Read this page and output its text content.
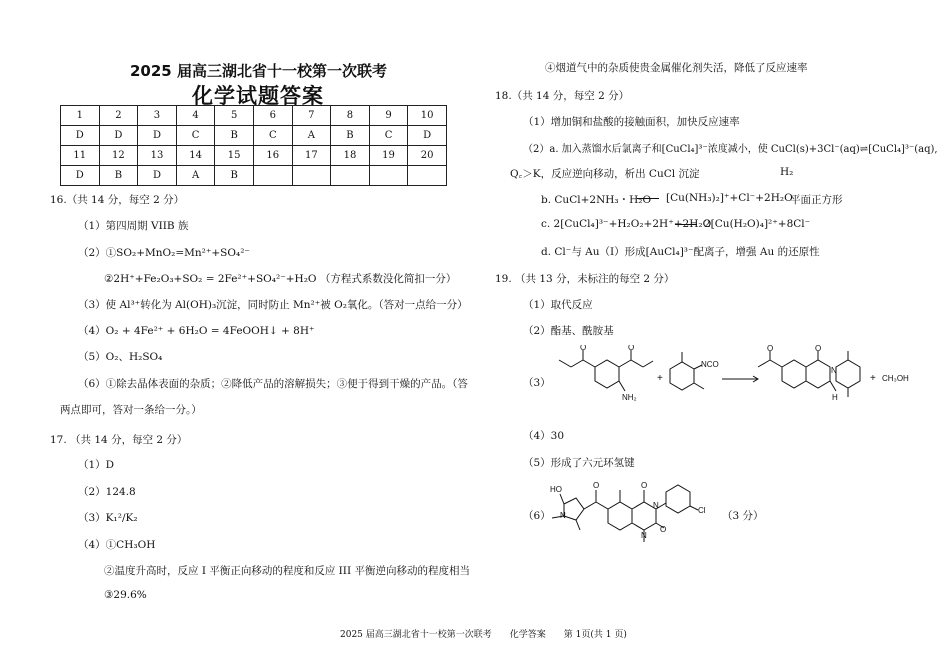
2025 届高三湖北省十一校第一次联考
化学试题答案
1	2	3	4	5	6	7	8	9	10
D	D	D	C	B	C	A	B	C	D
11	12	13	14	15	16	17	18	19	20
D	B	D	A	B					
16.（共 14 分，每空 2 分）
（1）第四周期 VIIB 族
（2）①SO₂+MnO₂=Mn²⁺+SO₄²⁻
②2H⁺+Fe₂O₃+SO₂ = 2Fe²⁺+SO₄²⁻+H₂O （方程式系数没化简扣一分）
（3）使 Al³⁺转化为 Al(OH)₃沉淀，同时防止 Mn²⁺被 O₂氧化。（答对一点给一分）
（4）O₂ + 4Fe²⁺ + 6H₂O = 4FeOOH↓ + 8H⁺
（5）O₂、H₂SO₄
（6）①除去晶体表面的杂质；②降低产品的溶解损失；③便于得到干燥的产品。（答
两点即可，答对一条给一分。）
17. （共 14 分，每空 2 分）
（1）D
（2）124.8
（3）K₁²/K₂
（4）①CH₃OH
②温度升高时，反应 I 平衡正向移动的程度和反应 III 平衡逆向移动的程度相当
③29.6%
④烟道气中的杂质使贵金属催化剂失活，降低了反应速率
18.（共 14 分，每空 2 分）
（1）增加铜和盐酸的接触面积，加快反应速率
（2）a. 加入蒸馏水后氯离子和[CuCl₄]³⁻浓度减小，使 CuCl(s)+3Cl⁻(aq)⇌[CuCl₄]³⁻(aq),
Q꜀＞K，反应逆向移动，析出 CuCl 沉淀	H₂
b. CuCl+2NH₃・H₂O [Cu(NH₃)₂]⁺+Cl⁻+2H₂O
平面正方形
c. 2[CuCl₄]³⁻+H₂O₂+2H⁺+2H₂O
2[Cu(H₂O)₄]²⁺+8Cl⁻
d. Cl⁻与 Au（Ⅰ）形成[AuCl₄]³⁻配离子，增强 Au 的还原性
19. （共 13 分，未标注的每空 2 分）
（1）取代反应
（2）酯基、酰胺基
（3）
O	O
NH₂
+
NCO
O	O
N
H
+ CH₃OH
（4）30
（5）形成了六元环氢键
（6）
HO
N
O	O
N
O
N
Cl （3 分）
2025 届高三湖北省十一校第一次联考　　化学答案　　第 1页(共 1 页)
